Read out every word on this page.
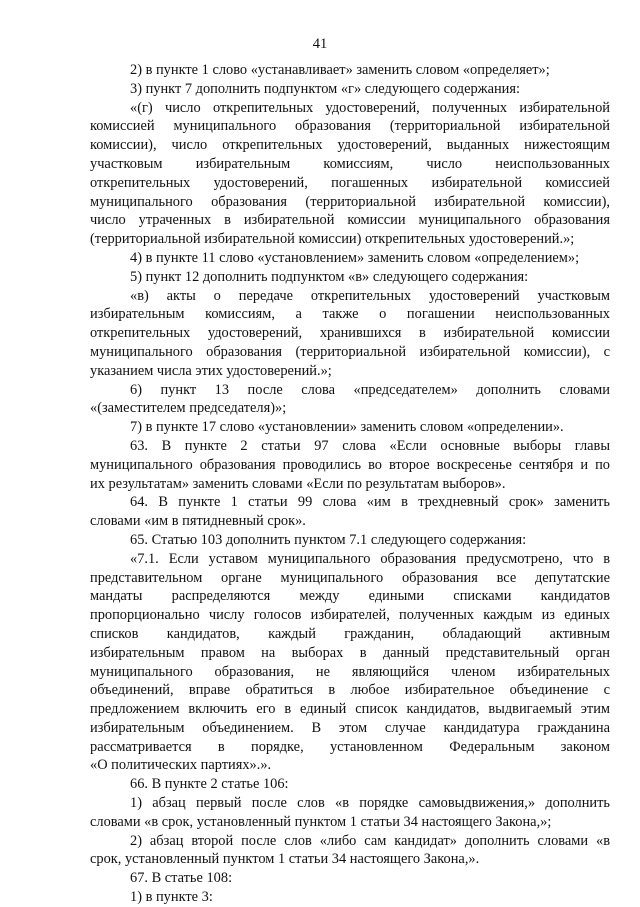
41
2) в пункте 1 слово «устанавливает» заменить словом «определяет»;
3) пункт 7 дополнить подпунктом «г» следующего содержания:
«(г) число открепительных удостоверений, полученных избирательной
комиссией муниципального образования (территориальной избирательной
комиссии), число открепительных удостоверений, выданных нижестоящим
участковым избирательным комиссиям, число неиспользованных
открепительных удостоверений, погашенных избирательной комиссией
муниципального образования (территориальной избирательной комиссии),
число утраченных в избирательной комиссии муниципального образования
(территориальной избирательной комиссии) открепительных удостоверений.»;
4) в пункте 11 слово «установлением» заменить словом «определением»;
5) пункт 12 дополнить подпунктом «в» следующего содержания:
«в) акты о передаче открепительных удостоверений участковым
избирательным комиссиям, а также о погашении неиспользованных
открепительных удостоверений, хранившихся в избирательной комиссии
муниципального образования (территориальной избирательной комиссии), с
указанием числа этих удостоверений.»;
6) пункт 13 после слова «председателем» дополнить словами
«(заместителем председателя)»;
7) в пункте 17 слово «установлении» заменить словом «определении».
63. В пункте 2 статьи 97 слова «Если основные выборы главы
муниципального образования проводились во второе воскресенье сентября и по
их результатам» заменить словами «Если по результатам выборов».
64. В пункте 1 статьи 99 слова «им в трехдневный срок» заменить
словами «им в пятидневный срок».
65. Статью 103 дополнить пунктом 7.1 следующего содержания:
«7.1. Если уставом муниципального образования предусмотрено, что в
представительном органе муниципального образования все депутатские
мандаты распределяются между едиными списками кандидатов
пропорционально числу голосов избирателей, полученных каждым из единых
списков кандидатов, каждый гражданин, обладающий активным
избирательным правом на выборах в данный представительный орган
муниципального образования, не являющийся членом избирательных
объединений, вправе обратиться в любое избирательное объединение с
предложением включить его в единый список кандидатов, выдвигаемый этим
избирательным объединением. В этом случае кандидатура гражданина
рассматривается в порядке, установленном Федеральным законом
«О политических партиях».».
66. В пункте 2 статье 106:
1) абзац первый после слов «в порядке самовыдвижения,» дополнить
словами «в срок, установленный пунктом 1 статьи 34 настоящего Закона,»;
2) абзац второй после слов «либо сам кандидат» дополнить словами «в
срок, установленный пунктом 1 статьи 34 настоящего Закона,».
67. В статье 108:
1) в пункте 3:
